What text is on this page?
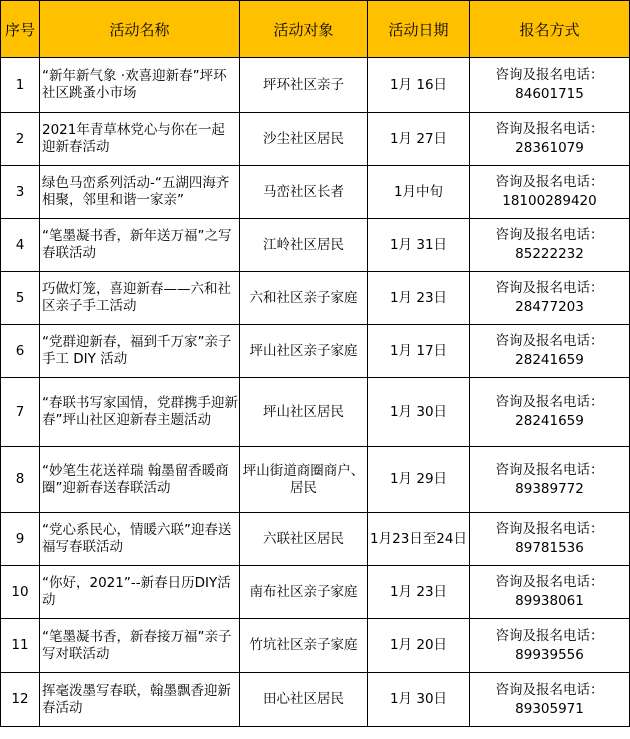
序号	活动名称	活动对象	活动日期	报名方式
1	“新年新气象 ·欢喜迎新春”坪环社区跳蚤小市场	坪环社区亲子	1月 16日	咨询及报名电话：
84601715

2	2021年青草林党心与你在一起迎新春活动	沙尘社区居民	1月 27日	咨询及报名电话：
28361079

3	绿色马峦系列活动-“五湖四海齐相聚，邻里和谐一家亲”	马峦社区长者	1月中旬	咨询及报名电话：
18100289420

4	“笔墨凝书香，新年送万福”之写春联活动	江岭社区居民	1月 31日	咨询及报名电话：
85222232

5	巧做灯笼，喜迎新春——六和社区亲子手工活动	六和社区亲子家庭	1月 23日	咨询及报名电话：
28477203

6	“党群迎新春，福到千万家”亲子手工 DIY 活动	坪山社区亲子家庭	1月 17日	咨询及报名电话：
28241659

7	“春联书写家国情，党群携手迎新春”坪山社区迎新春主题活动	坪山社区居民	1月 30日	咨询及报名电话：
28241659

8	“妙笔生花送祥瑞 翰墨留香暖商圈”迎新春送春联活动	坪山街道商圈商户、居民	1月 29日	咨询及报名电话：
89389772

9	“党心系民心，情暖六联”迎春送福写春联活动	六联社区居民	1月23日至24日	咨询及报名电话：
89781536

10	“你好，2021”--新春日历DIY活动	南布社区亲子家庭	1月 23日	咨询及报名电话：
89938061

11	“笔墨凝书香，新春接万福”亲子写对联活动	竹坑社区亲子家庭	1月 20日	咨询及报名电话：
89939556

12	挥毫泼墨写春联，翰墨飘香迎新春活动	田心社区居民	1月 30日	咨询及报名电话：
89305971
